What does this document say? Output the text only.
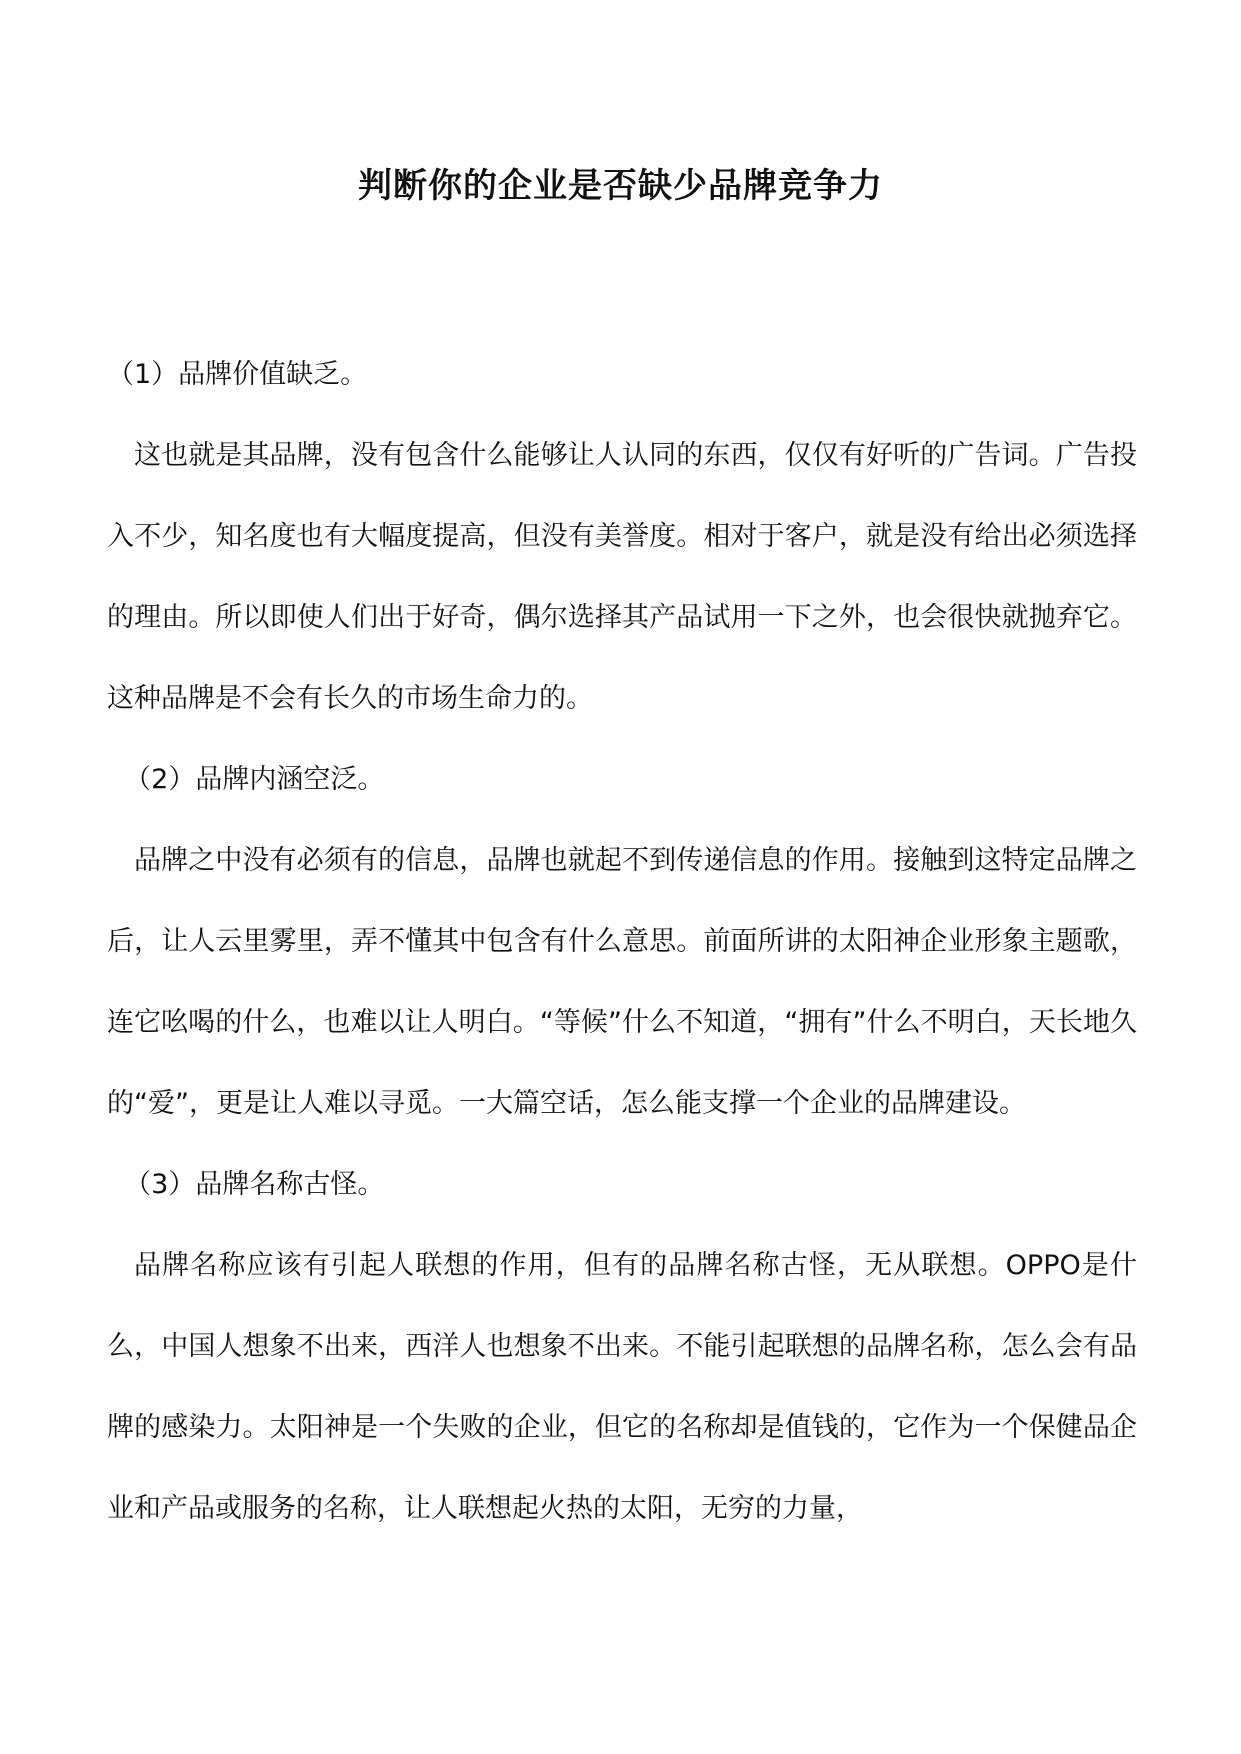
判断你的企业是否缺少品牌竞争力

（1）品牌价值缺乏。

这也就是其品牌，没有包含什么能够让人认同的东西，仅仅有好听的广告词。广告投入不少，知名度也有大幅度提高，但没有美誉度。相对于客户，就是没有给出必须选择的理由。所以即使人们出于好奇，偶尔选择其产品试用一下之外，也会很快就抛弃它。这种品牌是不会有长久的市场生命力的。

（2）品牌内涵空泛。

品牌之中没有必须有的信息，品牌也就起不到传递信息的作用。接触到这特定品牌之后，让人云里雾里，弄不懂其中包含有什么意思。前面所讲的太阳神企业形象主题歌，连它吆喝的什么，也难以让人明白。“等候”什么不知道，“拥有”什么不明白，天长地久的“爱”，更是让人难以寻觅。一大篇空话，怎么能支撑一个企业的品牌建设。

（3）品牌名称古怪。

品牌名称应该有引起人联想的作用，但有的品牌名称古怪，无从联想。OPPO是什么，中国人想象不出来，西洋人也想象不出来。不能引起联想的品牌名称，怎么会有品牌的感染力。太阳神是一个失败的企业，但它的名称却是值钱的，它作为一个保健品企业和产品或服务的名称，让人联想起火热的太阳，无穷的力量，
